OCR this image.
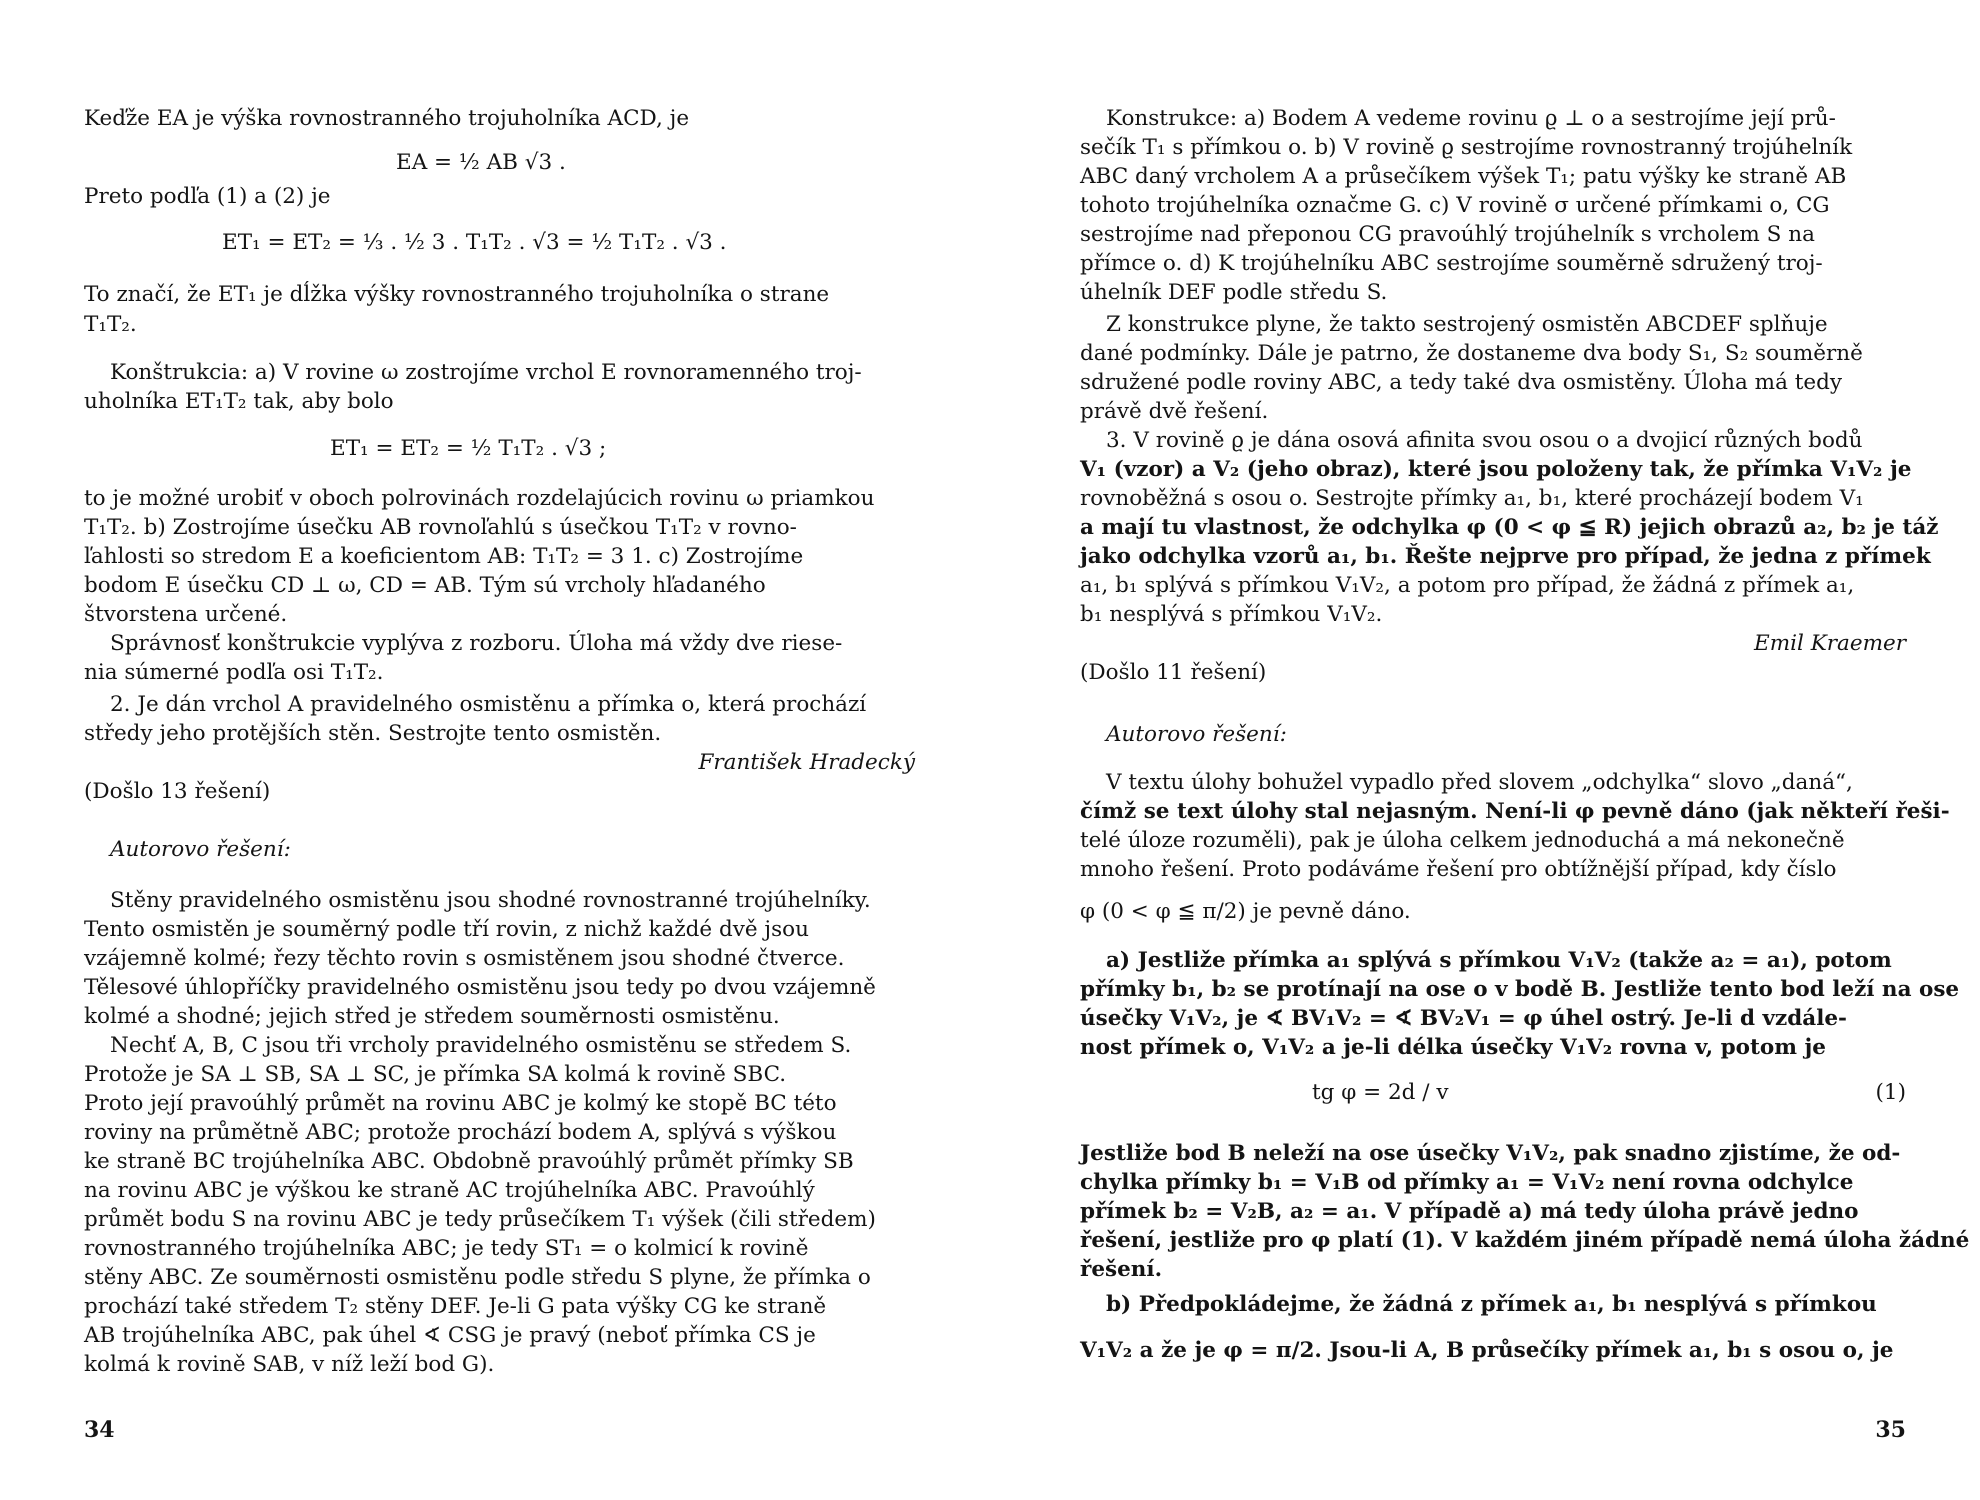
Keďže EA je výška rovnostranného trojuholníka ACD, je
EA = ½ AB √3 .
Preto podľa (1) a (2) je
ET₁ = ET₂ = ⅓ . ½ 3 . T₁T₂ . √3 = ½ T₁T₂ . √3 .
To značí, že ET₁ je dĺžka výšky rovnostranného trojuholníka o strane
T₁T₂.
Konštrukcia: a) V rovine ω zostrojíme vrchol E rovnoramenného troj-
uholníka ET₁T₂ tak, aby bolo
ET₁ = ET₂ = ½ T₁T₂ . √3 ;
to je možné urobiť v oboch polrovinách rozdelajúcich rovinu ω priamkou
T₁T₂. b) Zostrojíme úsečku AB rovnoľahlú s úsečkou T₁T₂ v rovno-
ľahlosti so stredom E a koeficientom AB: T₁T₂ = 3 1. c) Zostrojíme
bodom E úsečku CD ⊥ ω, CD = AB. Tým sú vrcholy hľadaného
štvorstena určené.
Správnosť konštrukcie vyplýva z rozboru. Úloha má vždy dve riese-
nia súmerné podľa osi T₁T₂.
2. Je dán vrchol A pravidelného osmistěnu a přímka o, která prochází
středy jeho protějších stěn. Sestrojte tento osmistěn.
František Hradecký
(Došlo 13 řešení)
Autorovo řešení:
Stěny pravidelného osmistěnu jsou shodné rovnostranné trojúhelníky.
Tento osmistěn je souměrný podle tří rovin, z nichž každé dvě jsou
vzájemně kolmé; řezy těchto rovin s osmistěnem jsou shodné čtverce.
Tělesové úhlopříčky pravidelného osmistěnu jsou tedy po dvou vzájemně
kolmé a shodné; jejich střed je středem souměrnosti osmistěnu.
Nechť A, B, C jsou tři vrcholy pravidelného osmistěnu se středem S.
Protože je SA ⊥ SB, SA ⊥ SC, je přímka SA kolmá k rovině SBC.
Proto její pravoúhlý průmět na rovinu ABC je kolmý ke stopě BC této
roviny na průmětně ABC; protože prochází bodem A, splývá s výškou
ke straně BC trojúhelníka ABC. Obdobně pravoúhlý průmět přímky SB
na rovinu ABC je výškou ke straně AC trojúhelníka ABC. Pravoúhlý
průmět bodu S na rovinu ABC je tedy průsečíkem T₁ výšek (čili středem)
rovnostranného trojúhelníka ABC; je tedy ST₁ = o kolmicí k rovině
stěny ABC. Ze souměrnosti osmistěnu podle středu S plyne, že přímka o
prochází také středem T₂ stěny DEF. Je-li G pata výšky CG ke straně
AB trojúhelníka ABC, pak úhel ∢ CSG je pravý (neboť přímka CS je
kolmá k rovině SAB, v níž leží bod G).
34
Konstrukce: a) Bodem A vedeme rovinu ϱ ⊥ o a sestrojíme její prů-
sečík T₁ s přímkou o. b) V rovině ϱ sestrojíme rovnostranný trojúhelník
ABC daný vrcholem A a průsečíkem výšek T₁; patu výšky ke straně AB
tohoto trojúhelníka označme G. c) V rovině σ určené přímkami o, CG
sestrojíme nad přeponou CG pravoúhlý trojúhelník s vrcholem S na
přímce o. d) K trojúhelníku ABC sestrojíme souměrně sdružený troj-
úhelník DEF podle středu S.
Z konstrukce plyne, že takto sestrojený osmistěn ABCDEF splňuje
dané podmínky. Dále je patrno, že dostaneme dva body S₁, S₂ souměrně
sdružené podle roviny ABC, a tedy také dva osmistěny. Úloha má tedy
právě dvě řešení.
3. V rovině ϱ je dána osová afinita svou osou o a dvojicí různých bodů
V₁ (vzor) a V₂ (jeho obraz), které jsou položeny tak, že přímka V₁V₂ je
rovnoběžná s osou o. Sestrojte přímky a₁, b₁, které procházejí bodem V₁
a mají tu vlastnost, že odchylka φ (0 < φ ≦ R) jejich obrazů a₂, b₂ je táž
jako odchylka vzorů a₁, b₁. Řešte nejprve pro případ, že jedna z přímek
a₁, b₁ splývá s přímkou V₁V₂, a potom pro případ, že žádná z přímek a₁,
b₁ nesplývá s přímkou V₁V₂.
Emil Kraemer
(Došlo 11 řešení)
Autorovo řešení:
V textu úlohy bohužel vypadlo před slovem „odchylka“ slovo „daná“,
čímž se text úlohy stal nejasným. Není-li φ pevně dáno (jak někteří řeši-
telé úloze rozuměli), pak je úloha celkem jednoduchá a má nekonečně
mnoho řešení. Proto podáváme řešení pro obtížnější případ, kdy číslo
φ (0 < φ ≦ π/2) je pevně dáno.
a) Jestliže přímka a₁ splývá s přímkou V₁V₂ (takže a₂ = a₁), potom
přímky b₁, b₂ se protínají na ose o v bodě B. Jestliže tento bod leží na ose
úsečky V₁V₂, je ∢ BV₁V₂ = ∢ BV₂V₁ = φ úhel ostrý. Je-li d vzdále-
nost přímek o, V₁V₂ a je-li délka úsečky V₁V₂ rovna v, potom je
tg φ = 2d / v	(1)
Jestliže bod B neleží na ose úsečky V₁V₂, pak snadno zjistíme, že od-
chylka přímky b₁ = V₁B od přímky a₁ = V₁V₂ není rovna odchylce
přímek b₂ = V₂B, a₂ = a₁. V případě a) má tedy úloha právě jedno
řešení, jestliže pro φ platí (1). V každém jiném případě nemá úloha žádné
řešení.
b) Předpokládejme, že žádná z přímek a₁, b₁ nesplývá s přímkou
V₁V₂ a že je φ = π/2. Jsou-li A, B průsečíky přímek a₁, b₁ s osou o, je
35
